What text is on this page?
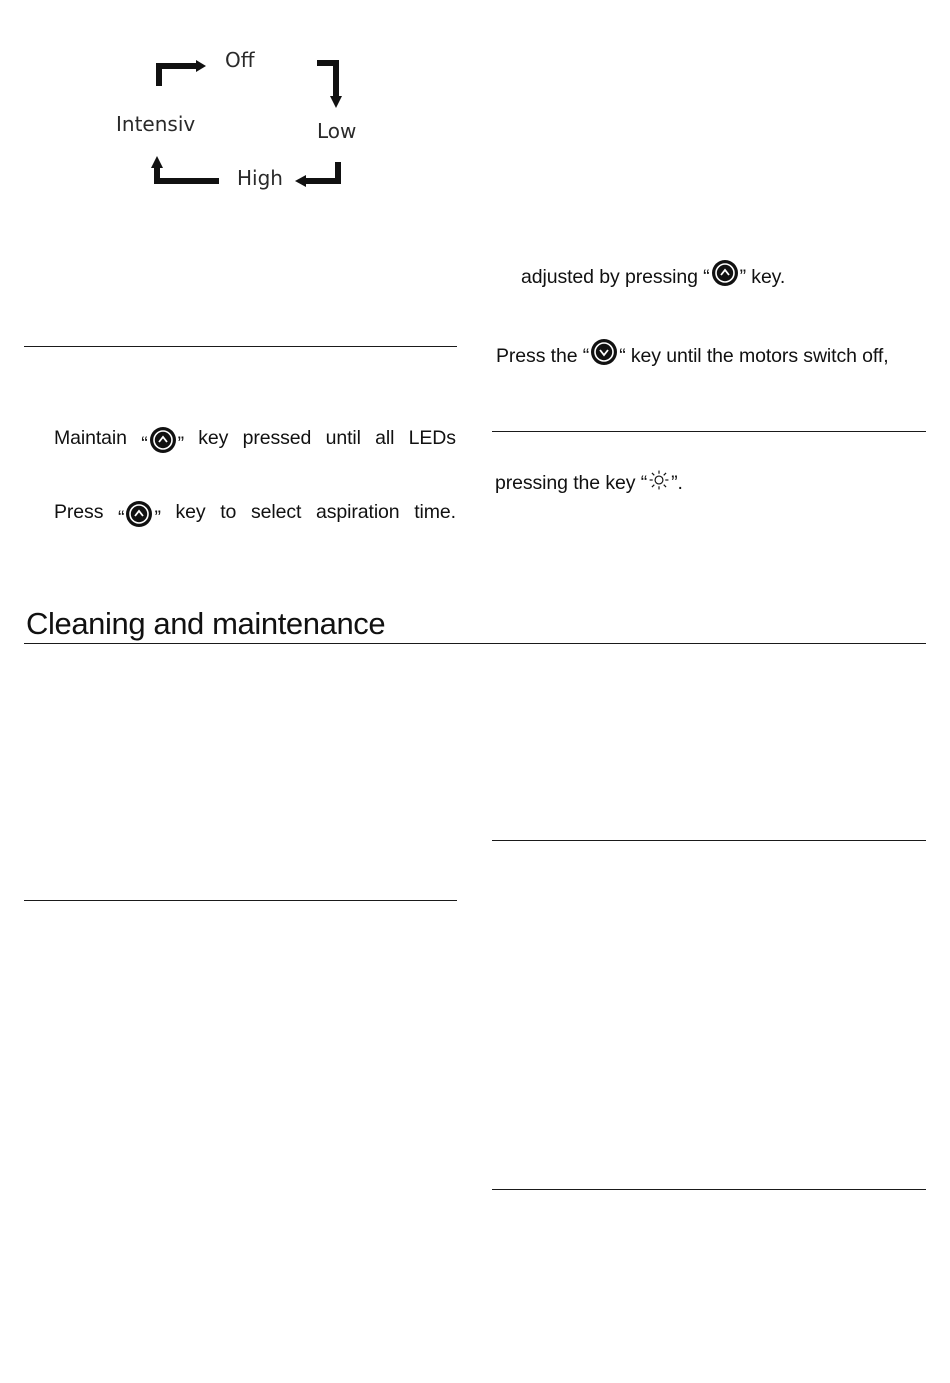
Off
Low
High
Intensiv
adjusted by pressing “ ” key.
Press the “ “ key until the motors switch off,
pressing the key “ ”.
Maintain “ ” key pressed until all LEDs
Press “ ” key to select aspiration time.
Cleaning and maintenance
